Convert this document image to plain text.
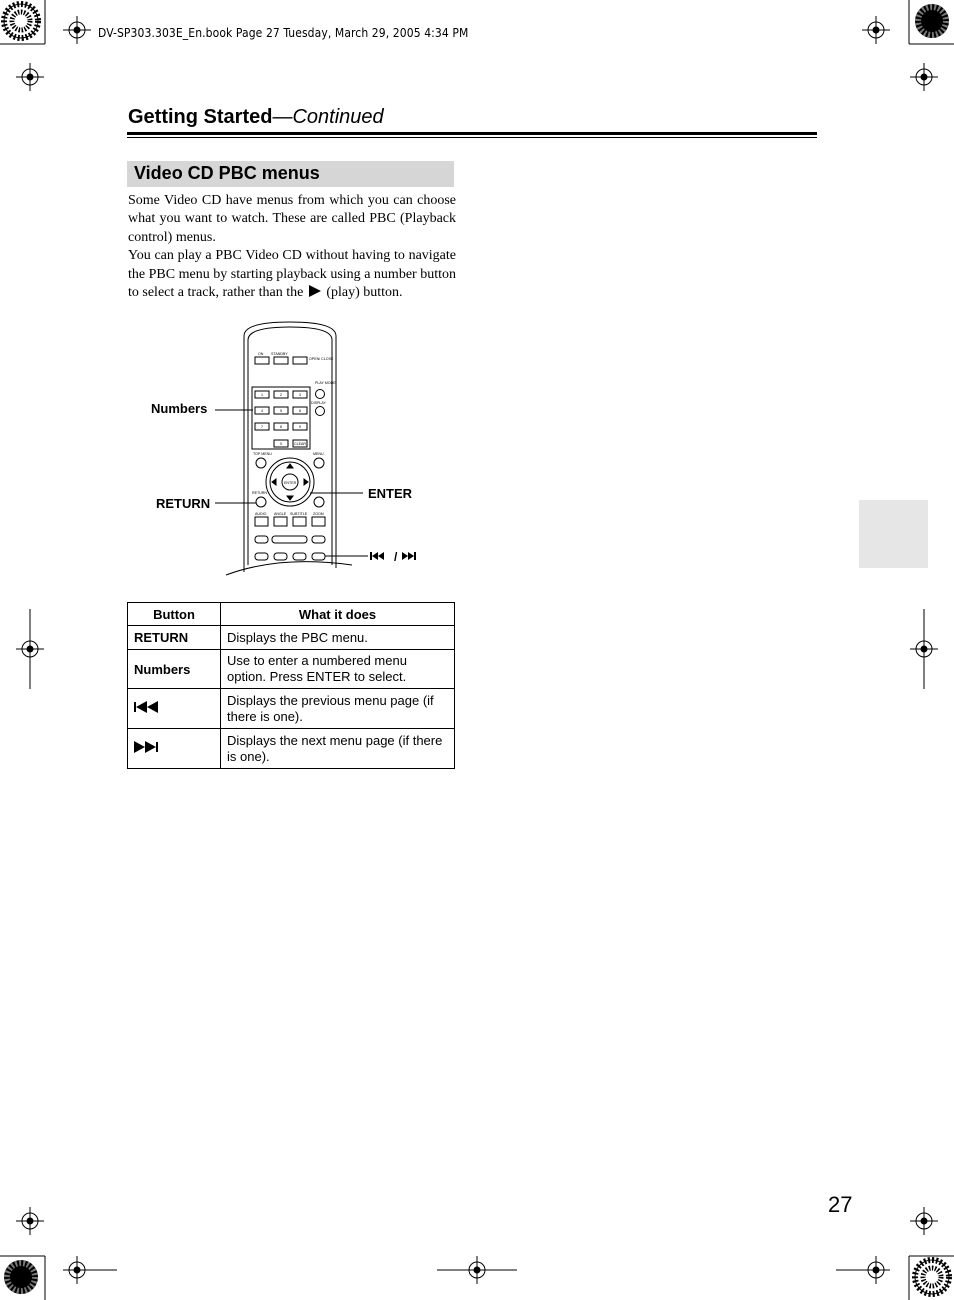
DV-SP303.303E_En.book Page 27 Tuesday, March 29, 2005 4:34 PM
Getting Started—Continued
Video CD PBC menus

Some Video CD have menus from which you can choose what you want to watch. These are called PBC (Playback control) menus.

You can play a PBC Video CD without having to navigate the PBC menu by starting playback using a number button to select a track, rather than the (play) button.

ON STANDBY
OPEN/ CLOSE
PLAY MODE
DISPLAY
CLEAR
TOP MENU	MENU
ENTER
RETURN
AUDIO ANGLE SUBTITLE ZOOM
1	2	3
4	5	6
7	8	9
0
/
Numbers
RETURN
ENTER
Button	What it does
RETURN	Displays the PBC menu.
Numbers	Use to enter a numbered menu option. Press ENTER to select.
	Displays the previous menu page (if there is one).
	Displays the next menu page (if there is one).
27
